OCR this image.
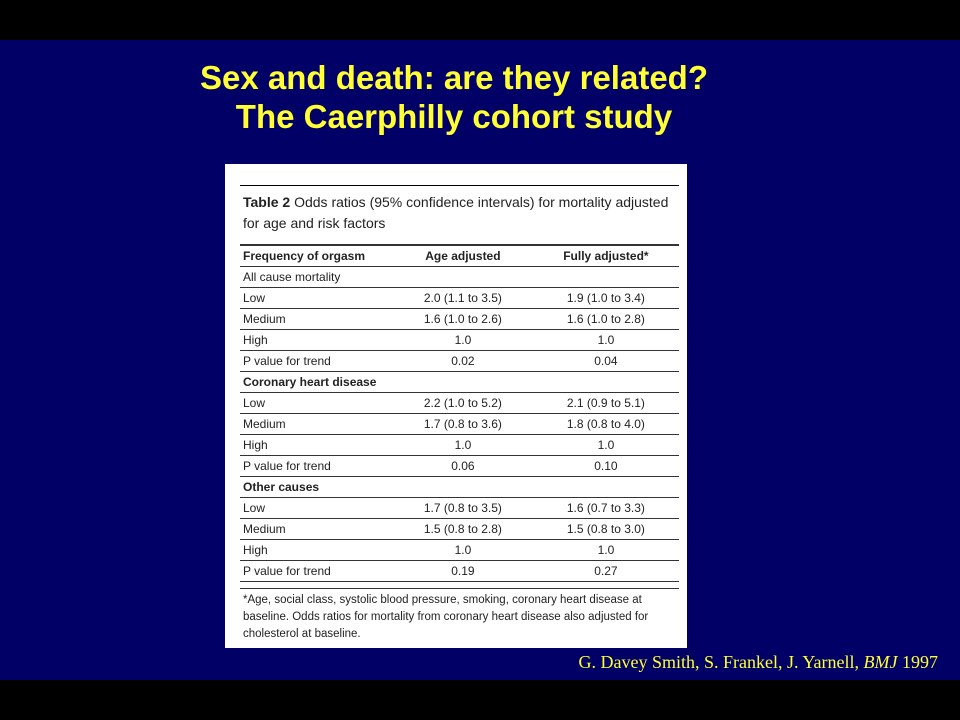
Sex and death: are they related?
The Caerphilly cohort study
Table 2 Odds ratios (95% confidence intervals) for mortality adjusted for age and risk factors
Frequency of orgasm	Age adjusted	Fully adjusted*
All cause mortality		
Low	2.0 (1.1 to 3.5)	1.9 (1.0 to 3.4)
Medium	1.6 (1.0 to 2.6)	1.6 (1.0 to 2.8)
High	1.0	1.0
P value for trend	0.02	0.04
Coronary heart disease		
Low	2.2 (1.0 to 5.2)	2.1 (0.9 to 5.1)
Medium	1.7 (0.8 to 3.6)	1.8 (0.8 to 4.0)
High	1.0	1.0
P value for trend	0.06	0.10
Other causes		
Low	1.7 (0.8 to 3.5)	1.6 (0.7 to 3.3)
Medium	1.5 (0.8 to 2.8)	1.5 (0.8 to 3.0)
High	1.0	1.0
P value for trend	0.19	0.27
*Age, social class, systolic blood pressure, smoking, coronary heart disease at baseline. Odds ratios for mortality from coronary heart disease also adjusted for cholesterol at baseline.
G. Davey Smith, S. Frankel, J. Yarnell, BMJ 1997
